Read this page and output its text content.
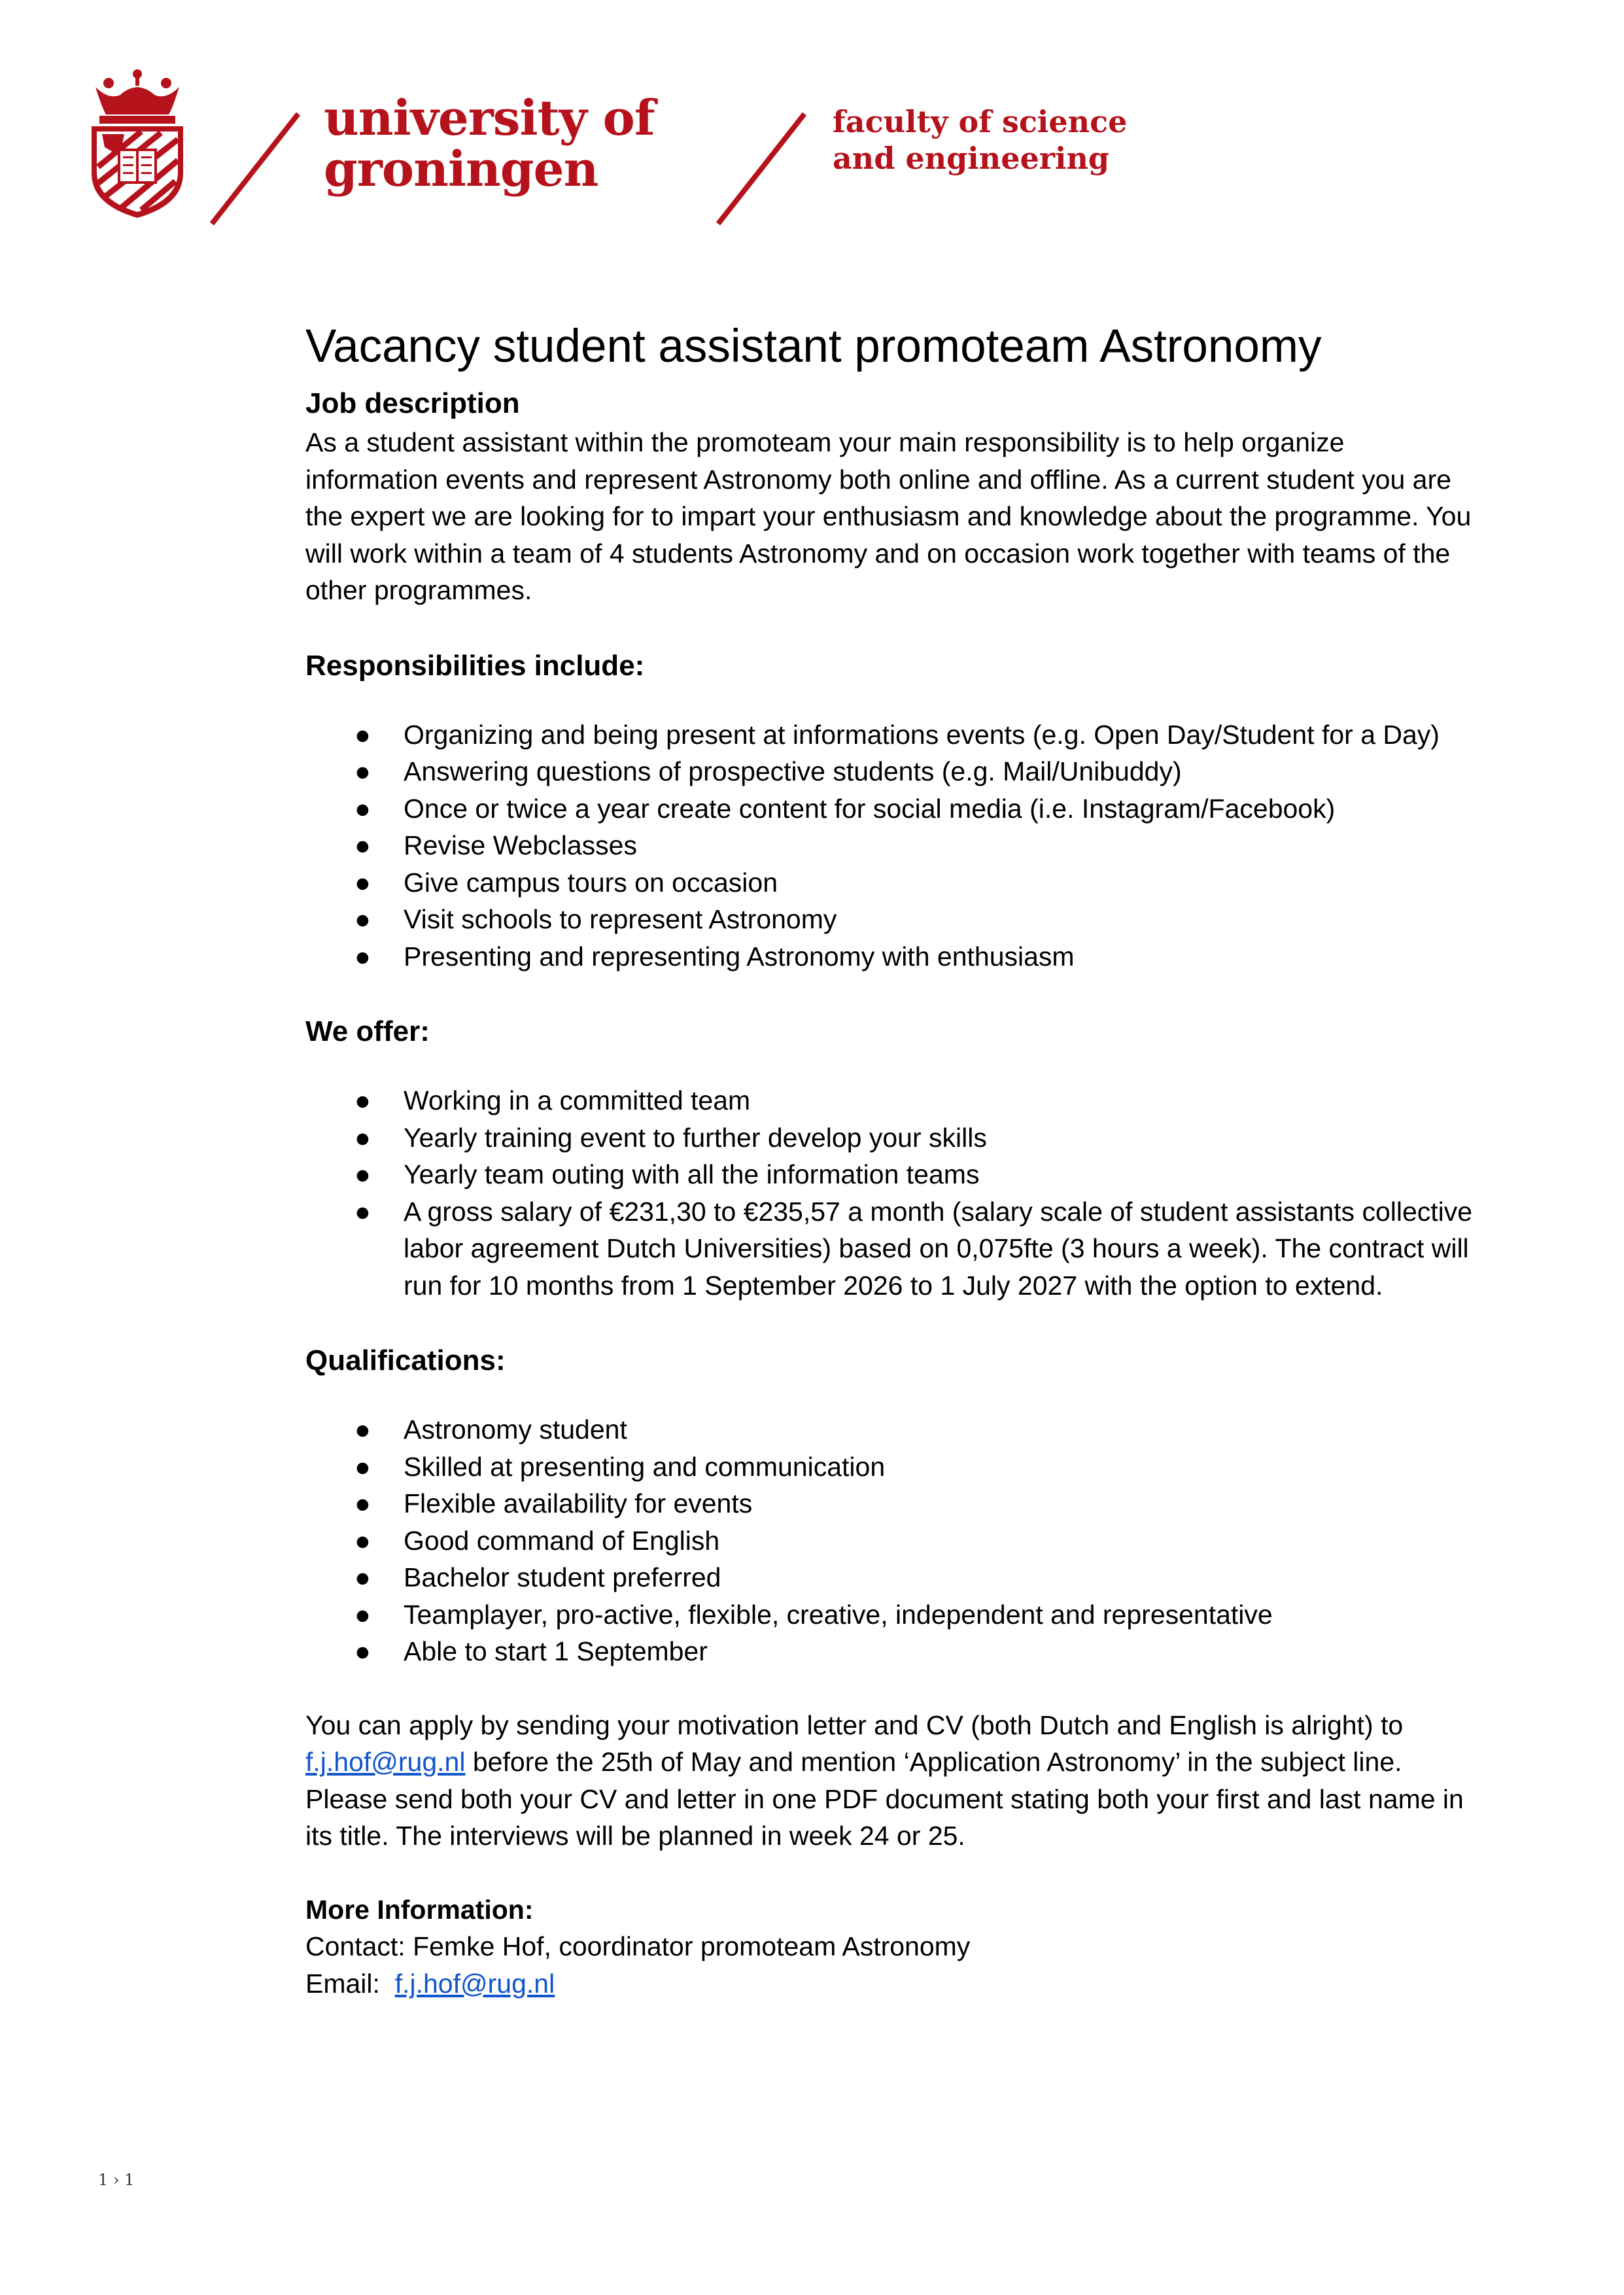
university of
groningen
faculty of science
and engineering
Vacancy student assistant promoteam Astronomy
Job description

As a student assistant within the promoteam your main responsibility is to help organize information events and represent Astronomy both online and offline. As a current student you are the expert we are looking for to impart your enthusiasm and knowledge about the programme. You will work within a team of 4 students Astronomy and on occasion work together with teams of the other programmes.

Responsibilities include:
● Organizing and being present at informations events (e.g. Open Day/Student for a Day)
● Answering questions of prospective students (e.g. Mail/Unibuddy)
● Once or twice a year create content for social media (i.e. Instagram/Facebook)
● Revise Webclasses
● Give campus tours on occasion
● Visit schools to represent Astronomy
● Presenting and representing Astronomy with enthusiasm
We offer:
● Working in a committed team
● Yearly training event to further develop your skills
● Yearly team outing with all the information teams
● A gross salary of €231,30 to €235,57 a month (salary scale of student assistants collective labor agreement Dutch Universities) based on 0,075fte (3 hours a week). The contract will run for 10 months from 1 September 2026 to 1 July 2027 with the option to extend.
Qualifications:
● Astronomy student
● Skilled at presenting and communication
● Flexible availability for events
● Good command of English
● Bachelor student preferred
● Teamplayer, pro-active, flexible, creative, independent and representative
● Able to start 1 September

You can apply by sending your motivation letter and CV (both Dutch and English is alright) to
f.j.hof@rug.nl before the 25th of May and mention ‘Application Astronomy’ in the subject line. Please send both your CV and letter in one PDF document stating both your first and last name in its title. The interviews will be planned in week 24 or 25.

More Information:

Contact: Femke Hof, coordinator promoteam Astronomy

Email: f.j.hof@rug.nl

1 › 1
